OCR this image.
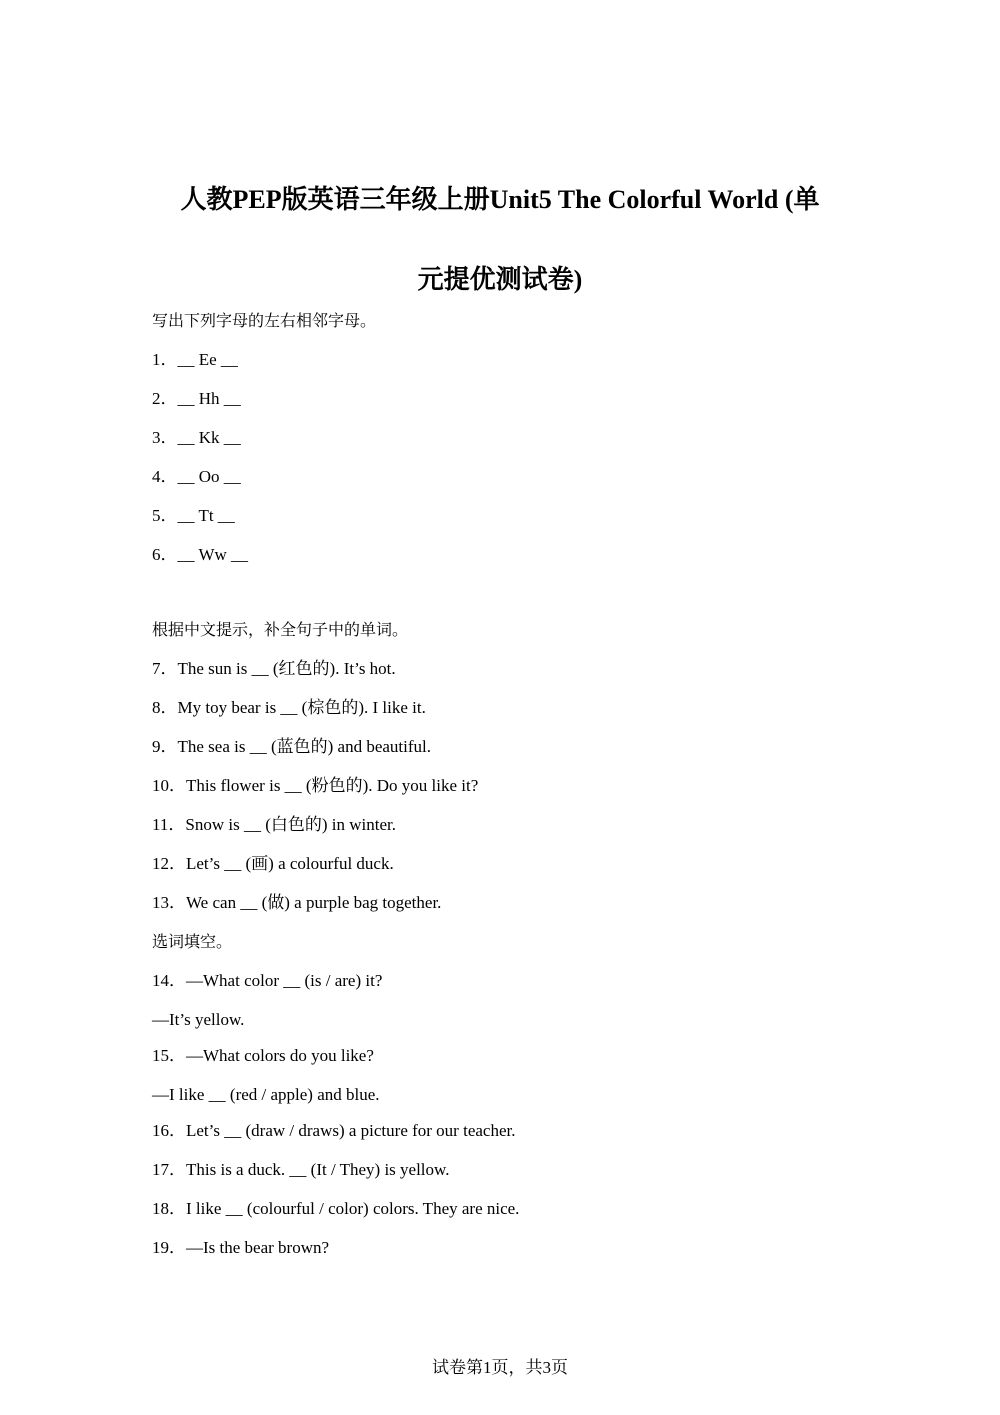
人教PEP版英语三年级上册Unit5 The Colorful World (单
元提优测试卷)
写出下列字母的左右相邻字母。
1．__ Ee __
2．__ Hh __
3．__ Kk __
4．__ Oo __
5．__ Tt __
6．__ Ww __
根据中文提示，补全句子中的单词。
7．The sun is __ (红色的). It’s hot.
8．My toy bear is __ (棕色的). I like it.
9．The sea is __ (蓝色的) and beautiful.
10．This flower is __ (粉色的). Do you like it?
11．Snow is __ (白色的) in winter.
12．Let’s __ (画) a colourful duck.
13．We can __ (做) a purple bag together.
选词填空。
14．—What color __ (is / are) it?
—It’s yellow.
15．—What colors do you like?
—I like __ (red / apple) and blue.
16．Let’s __ (draw / draws) a picture for our teacher.
17．This is a duck. __ (It / They) is yellow.
18．I like __ (colourful / color) colors. They are nice.
19．—Is the bear brown?
试卷第1页，共3页
